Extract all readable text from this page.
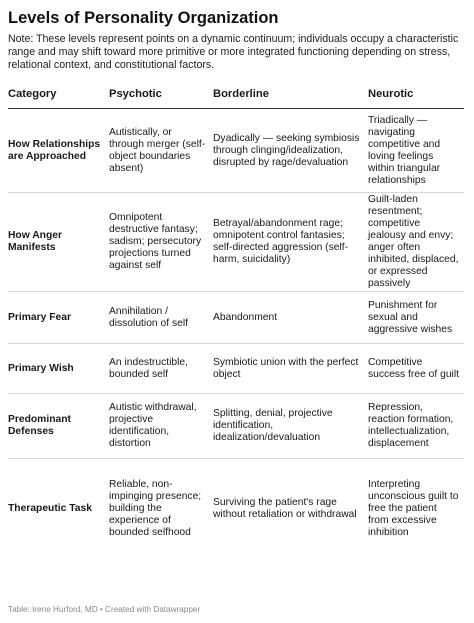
Levels of Personality Organization
Note: These levels represent points on a dynamic continuum; individuals occupy a characteristic range and may shift toward more primitive or more integrated functioning depending on stress, relational context, and constitutional factors.
Category	Psychotic	Borderline	Neurotic
How Relationships are Approached	Autistically, or through merger (self-object boundaries absent)	Dyadically — seeking symbiosis through clinging/idealization, disrupted by rage/devaluation	Triadically — navigating competitive and loving feelings within triangular relationships
How Anger Manifests	Omnipotent destructive fantasy; sadism; persecutory projections turned against self	Betrayal/abandonment rage; omnipotent control fantasies; self-directed aggression (self-harm, suicidality)	Guilt-laden resentment; competitive jealousy and envy; anger often inhibited, displaced, or expressed passively
Primary Fear	Annihilation / dissolution of self	Abandonment	Punishment for sexual and aggressive wishes
Primary Wish	An indestructible, bounded self	Symbiotic union with the perfect object	Competitive success free of guilt
Predominant Defenses	Autistic withdrawal, projective identification, distortion	Splitting, denial, projective identification, idealization/devaluation	Repression, reaction formation, intellectualization, displacement
Therapeutic Task	Reliable, non-impinging presence; building the experience of bounded selfhood	Surviving the patient's rage without retaliation or withdrawal	Interpreting unconscious guilt to free the patient from excessive inhibition
Table: Irene Hurford, MD • Created with Datawrapper
